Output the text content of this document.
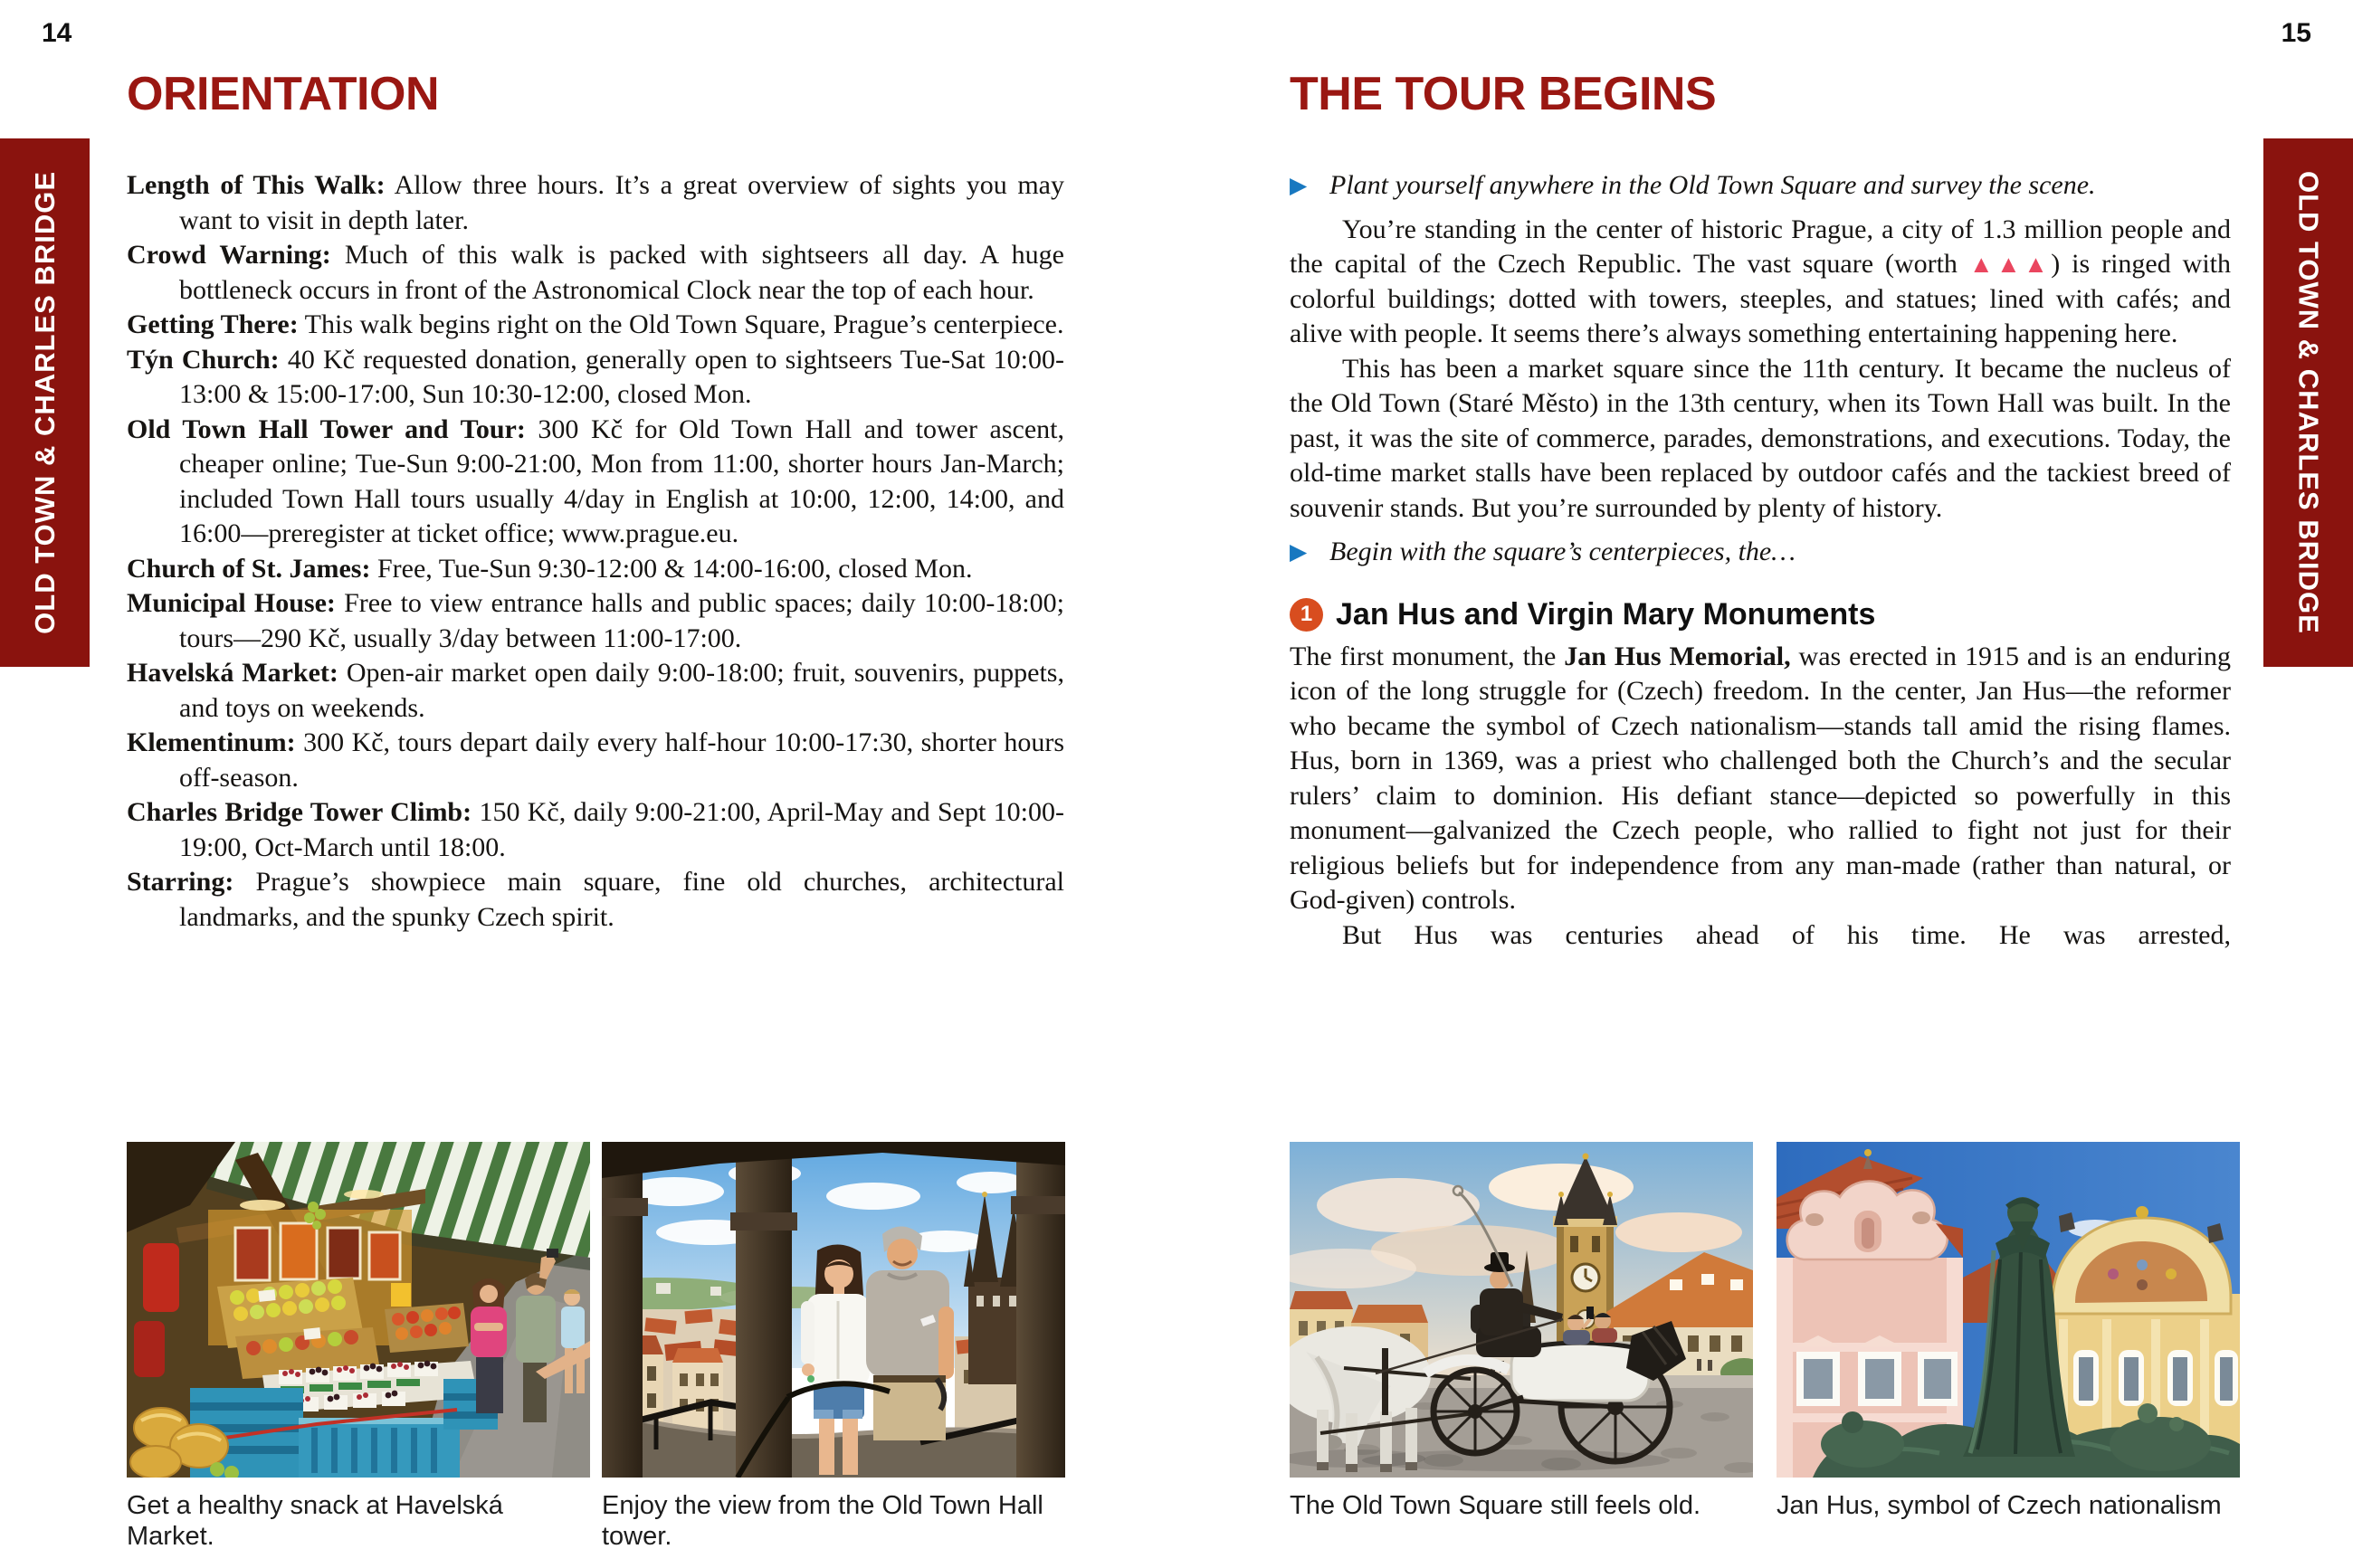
14	15
OLD TOWN & CHARLES BRIDGE	OLD TOWN & CHARLES BRIDGE
ORIENTATION
Length of This Walk: Allow three hours. It’s a great overview of sights you may want to visit in depth later.
Crowd Warning: Much of this walk is packed with sightseers all day. A huge bottleneck occurs in front of the Astronomical Clock near the top of each hour.
Getting There: This walk begins right on the Old Town Square, Prague’s centerpiece.
Týn Church: 40 Kč requested donation, generally open to sightseers Tue-Sat 10:00-13:00 & 15:00-17:00, Sun 10:30-12:00, closed Mon.
Old Town Hall Tower and Tour: 300 Kč for Old Town Hall and tower ascent, cheaper online; Tue-Sun 9:00-21:00, Mon from 11:00, shorter hours Jan-March; included Town Hall tours usually 4/day in English at 10:00, 12:00, 14:00, and 16:00—preregister at ticket office; www.prague.eu.
Church of St. James: Free, Tue-Sun 9:30-12:00 & 14:00-16:00, closed Mon.
Municipal House: Free to view entrance halls and public spaces; daily 10:00-18:00; tours—290 Kč, usually 3/day between 11:00-17:00.
Havelská Market: Open-air market open daily 9:00-18:00; fruit, souvenirs, puppets, and toys on weekends.
Klementinum: 300 Kč, tours depart daily every half-hour 10:00-17:30, shorter hours off-season.
Charles Bridge Tower Climb: 150 Kč, daily 9:00-21:00, April-May and Sept 10:00-19:00, Oct-March until 18:00.
Starring: Prague’s showpiece main square, fine old churches, architectural landmarks, and the spunky Czech spirit.
THE TOUR BEGINS
▶ Plant yourself anywhere in the Old Town Square and survey the scene.

You’re standing in the center of historic Prague, a city of 1.3 million people and the capital of the Czech Republic. The vast square (worth ▲▲▲) is ringed with colorful buildings; dotted with towers, steeples, and statues; lined with cafés; and alive with people. It seems there’s always something entertaining happening here.

This has been a market square since the 11th century. It became the nucleus of the Old Town (Staré Město) in the 13th century, when its Town Hall was built. In the past, it was the site of commerce, parades, demonstrations, and executions. Today, the old-time market stalls have been replaced by outdoor cafés and the tackiest breed of souvenir stands. But you’re surrounded by plenty of history.

▶ Begin with the square’s centerpieces, the…
1 Jan Hus and Virgin Mary Monuments

The first monument, the Jan Hus Memorial, was erected in 1915 and is an enduring icon of the long struggle for (Czech) freedom. In the center, Jan Hus—the reformer who became the symbol of Czech nationalism—stands tall amid the rising flames. Hus, born in 1369, was a priest who challenged both the Church’s and the secular rulers’ claim to dominion. His defiant stance—depicted so powerfully in this monument—galvanized the Czech people, who rallied to fight not just for their religious beliefs but for independence from any man-made (rather than natural, or God-given) controls.

But Hus was centuries ahead of his time. He was arrested,

Get a healthy snack at Havelská Market.
Enjoy the view from the Old Town Hall tower.
The Old Town Square still feels old.	Jan Hus, symbol of Czech nationalism
